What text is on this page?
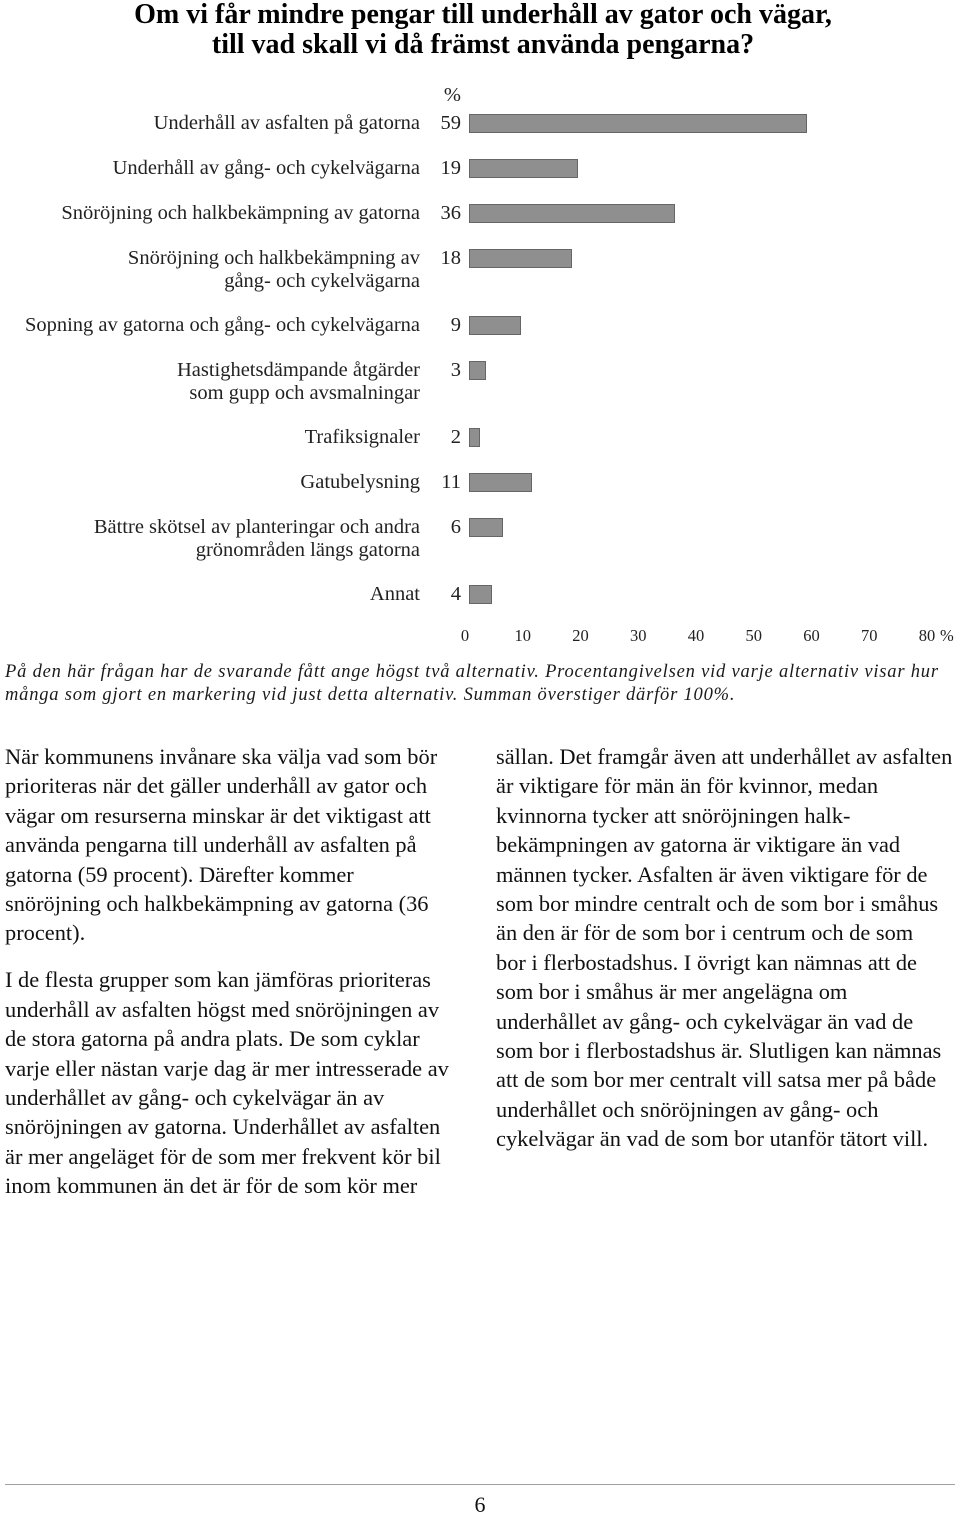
Om vi får mindre pengar till underhåll av gator och vägar,
till vad skall vi då främst använda pengarna?
%
Underhåll av asfalten på gatorna	59
Underhåll av gång- och cykelvägarna	19
Snöröjning och halkbekämpning av gatorna	36
Snöröjning och halkbekämpning av
gång- och cykelvägarna
18
Sopning av gatorna och gång- och cykelvägarna	9
Hastighetsdämpande åtgärder
som gupp och avsmalningar
3
Trafiksignaler	2
Gatubelysning	11
Bättre skötsel av planteringar och andra
grönområden längs gatorna
6
Annat	4
0	10	20	30	40	50	60	70	80 %
På den här frågan har de svarande fått ange högst två alternativ. Procentangivelsen vid varje alternativ visar hur
många som gjort en markering vid just detta alternativ. Summan överstiger därför 100%.
När kommunens invånare ska välja vad som bör
prioriteras när det gäller underhåll av gator och
vägar om resurserna minskar är det viktigast att
använda pengarna till underhåll av asfalten på
gatorna (59 procent). Därefter kommer
snöröjning och halkbekämpning av gatorna (36
procent).
I de flesta grupper som kan jämföras prioriteras
underhåll av asfalten högst med snöröjningen av
de stora gatorna på andra plats. De som cyklar
varje eller nästan varje dag är mer intresserade av
underhållet av gång- och cykelvägar än av
snöröjningen av gatorna. Underhållet av asfalten
är mer angeläget för de som mer frekvent kör bil
inom kommunen än det är för de som kör mer
sällan. Det framgår även att underhållet av asfalten
är viktigare för män än för kvinnor, medan
kvinnorna tycker att snöröjningen halk-
bekämpningen av gatorna är viktigare än vad
männen tycker. Asfalten är även viktigare för de
som bor mindre centralt och de som bor i småhus
än den är för de som bor i centrum och de som
bor i flerbostadshus. I övrigt kan nämnas att de
som bor i småhus är mer angelägna om
underhållet av gång- och cykelvägar än vad de
som bor i flerbostadshus är. Slutligen kan nämnas
att de som bor mer centralt vill satsa mer på både
underhållet och snöröjningen av gång- och
cykelvägar än vad de som bor utanför tätort vill.
6
